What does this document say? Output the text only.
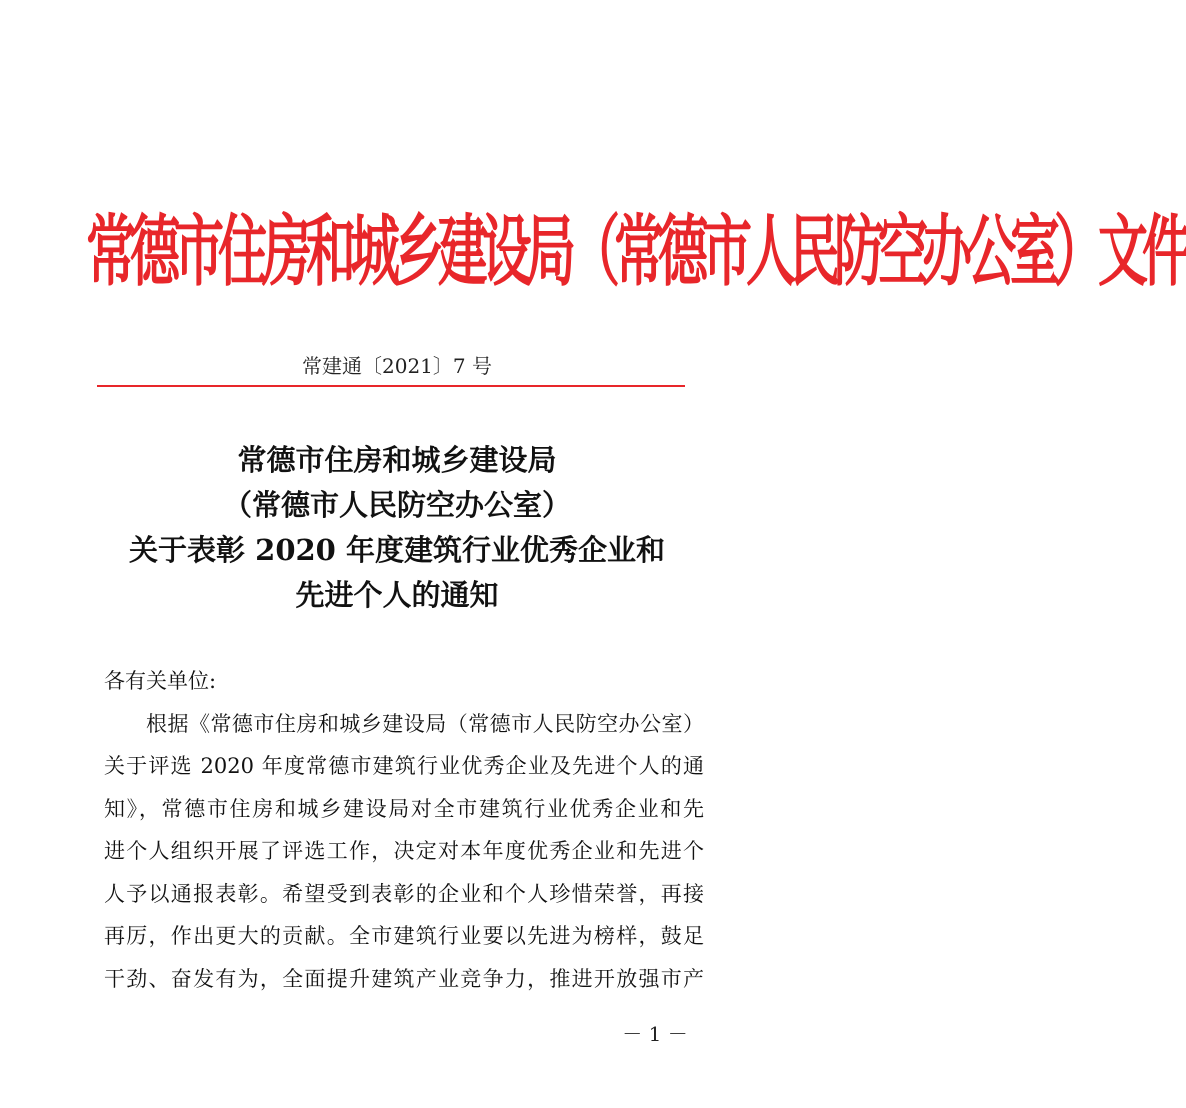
常德市住房和城乡建设局（常德市人民防空办公室）文件
常建通〔2021〕7 号
常德市住房和城乡建设局
（常德市人民防空办公室）
关于表彰 2020 年度建筑行业优秀企业和
先进个人的通知
各有关单位:
根据《常德市住房和城乡建设局（常德市人民防空办公室）
关于评选 2020 年度常德市建筑行业优秀企业及先进个人的通
知》，常德市住房和城乡建设局对全市建筑行业优秀企业和先
进个人组织开展了评选工作，决定对本年度优秀企业和先进个
人予以通报表彰。希望受到表彰的企业和个人珍惜荣誉，再接
再厉，作出更大的贡献。全市建筑行业要以先进为榜样，鼓足
干劲、奋发有为，全面提升建筑产业竞争力，推进开放强市产
－ 1 －
